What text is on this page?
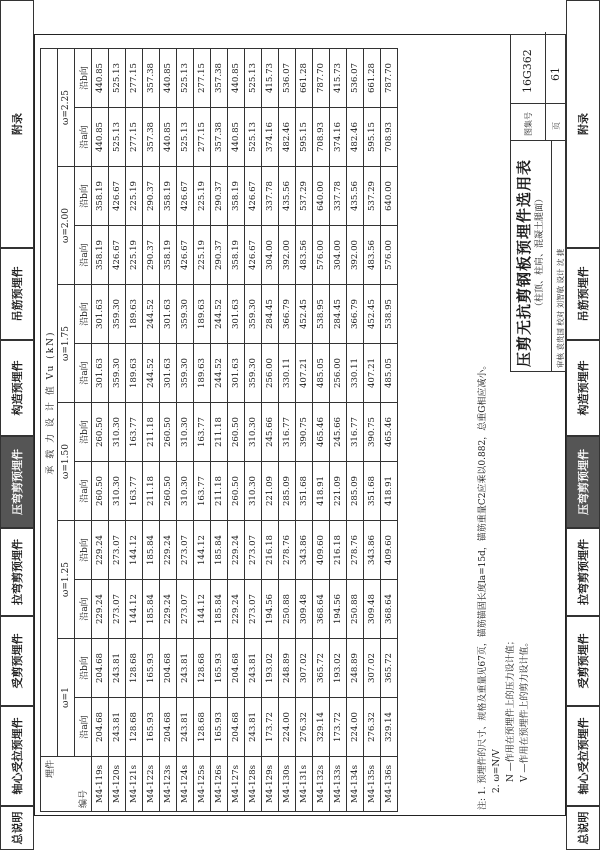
总说明
轴心受拉预埋件
受剪预埋件
拉弯剪预埋件
压弯剪预埋件
构造预埋件
吊筋预埋件
附录
总说明
轴心受拉预埋件
受剪预埋件
拉弯剪预埋件
压弯剪预埋件
构造预埋件
吊筋预埋件
附录
埋件
编号	承 载 力 设 计 值 Vu (kN)											
	ω=1		ω=1.25		ω=1.50		ω=1.75		ω=2.00		ω=2.25	
	沿a向	沿b向	沿a向	沿b向	沿a向	沿b向	沿a向	沿b向	沿a向	沿b向	沿a向	沿b向
M4-119s	204.68	204.68	229.24	229.24	260.50	260.50	301.63	301.63	358.19	358.19	440.85	440.85
M4-120s	243.81	243.81	273.07	273.07	310.30	310.30	359.30	359.30	426.67	426.67	525.13	525.13
M4-121s	128.68	128.68	144.12	144.12	163.77	163.77	189.63	189.63	225.19	225.19	277.15	277.15
M4-122s	165.93	165.93	185.84	185.84	211.18	211.18	244.52	244.52	290.37	290.37	357.38	357.38
M4-123s	204.68	204.68	229.24	229.24	260.50	260.50	301.63	301.63	358.19	358.19	440.85	440.85
M4-124s	243.81	243.81	273.07	273.07	310.30	310.30	359.30	359.30	426.67	426.67	525.13	525.13
M4-125s	128.68	128.68	144.12	144.12	163.77	163.77	189.63	189.63	225.19	225.19	277.15	277.15
M4-126s	165.93	165.93	185.84	185.84	211.18	211.18	244.52	244.52	290.37	290.37	357.38	357.38
M4-127s	204.68	204.68	229.24	229.24	260.50	260.50	301.63	301.63	358.19	358.19	440.85	440.85
M4-128s	243.81	243.81	273.07	273.07	310.30	310.30	359.30	359.30	426.67	426.67	525.13	525.13
M4-129s	173.72	193.02	194.56	216.18	221.09	245.66	256.00	284.45	304.00	337.78	374.16	415.73
M4-130s	224.00	248.89	250.88	278.76	285.09	316.77	330.11	366.79	392.00	435.56	482.46	536.07
M4-131s	276.32	307.02	309.48	343.86	351.68	390.75	407.21	452.45	483.56	537.29	595.15	661.28
M4-132s	329.14	365.72	368.64	409.60	418.91	465.46	485.05	538.95	576.00	640.00	708.93	787.70
M4-133s	173.72	193.02	194.56	216.18	221.09	245.66	256.00	284.45	304.00	337.78	374.16	415.73
M4-134s	224.00	248.89	250.88	278.76	285.09	316.77	330.11	366.79	392.00	435.56	482.46	536.07
M4-135s	276.32	307.02	309.48	343.86	351.68	390.75	407.21	452.45	483.56	537.29	595.15	661.28
M4-136s	329.14	365.72	368.64	409.60	418.91	465.46	485.05	538.95	576.00	640.00	708.93	787.70
注: 1. 预埋件的尺寸、规格及重量见67页，锚筋锚固长度la=15d，锚筋重量C2应乘以0.882，总重G相应减小。 2. ω=N/V N —作用在预埋件上的压力设计值； V —作用在预埋件上的剪力设计值。
压剪无抗剪钢板预埋件选用表 （柱顶、柱肩、混凝土腿面） 审核 袁贵国 校对 刘智敏 设计 沈 捷
图集号
16G362
页
61
